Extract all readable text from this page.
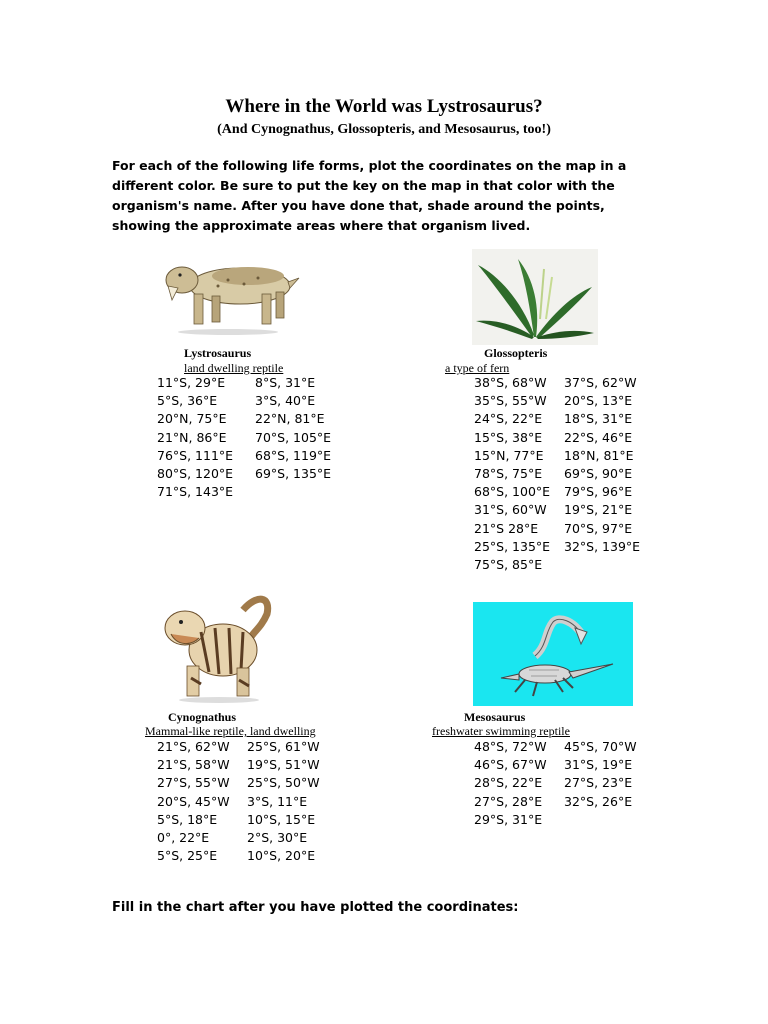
Where in the World was Lystrosaurus?
(And Cynognathus, Glossopteris, and Mesosaurus, too!)
For each of the following life forms, plot the coordinates on the map in a different color. Be sure to put the key on the map in that color with the organism's name. After you have done that, shade around the points, showing the approximate areas where that organism lived.
Lystrosaurus
land dwelling reptile
Glossopteris
a type of fern
11°S, 29°E	8°S, 31°E
5°S, 36°E	3°S, 40°E
20°N, 75°E	22°N, 81°E
21°N, 86°E	70°S, 105°E
76°S, 111°E	68°S, 119°E
80°S, 120°E	69°S, 135°E
71°S, 143°E
38°S, 68°W	37°S, 62°W
35°S, 55°W	20°S, 13°E
24°S, 22°E	18°S, 31°E
15°S, 38°E	22°S, 46°E
15°N, 77°E	18°N, 81°E
78°S, 75°E	69°S, 90°E
68°S, 100°E	79°S, 96°E
31°S, 60°W	19°S, 21°E
21°S 28°E	70°S, 97°E
25°S, 135°E	32°S, 139°E
75°S, 85°E
Cynognathus
Mammal-like reptile, land dwelling
Mesosaurus
freshwater swimming reptile
21°S, 62°W	25°S, 61°W
21°S, 58°W	19°S, 51°W
27°S, 55°W	25°S, 50°W
20°S, 45°W	3°S, 11°E
5°S, 18°E	10°S, 15°E
0°, 22°E	2°S, 30°E
5°S, 25°E	10°S, 20°E
48°S, 72°W	45°S, 70°W
46°S, 67°W	31°S, 19°E
28°S, 22°E	27°S, 23°E
27°S, 28°E	32°S, 26°E
29°S, 31°E
Fill in the chart after you have plotted the coordinates:
